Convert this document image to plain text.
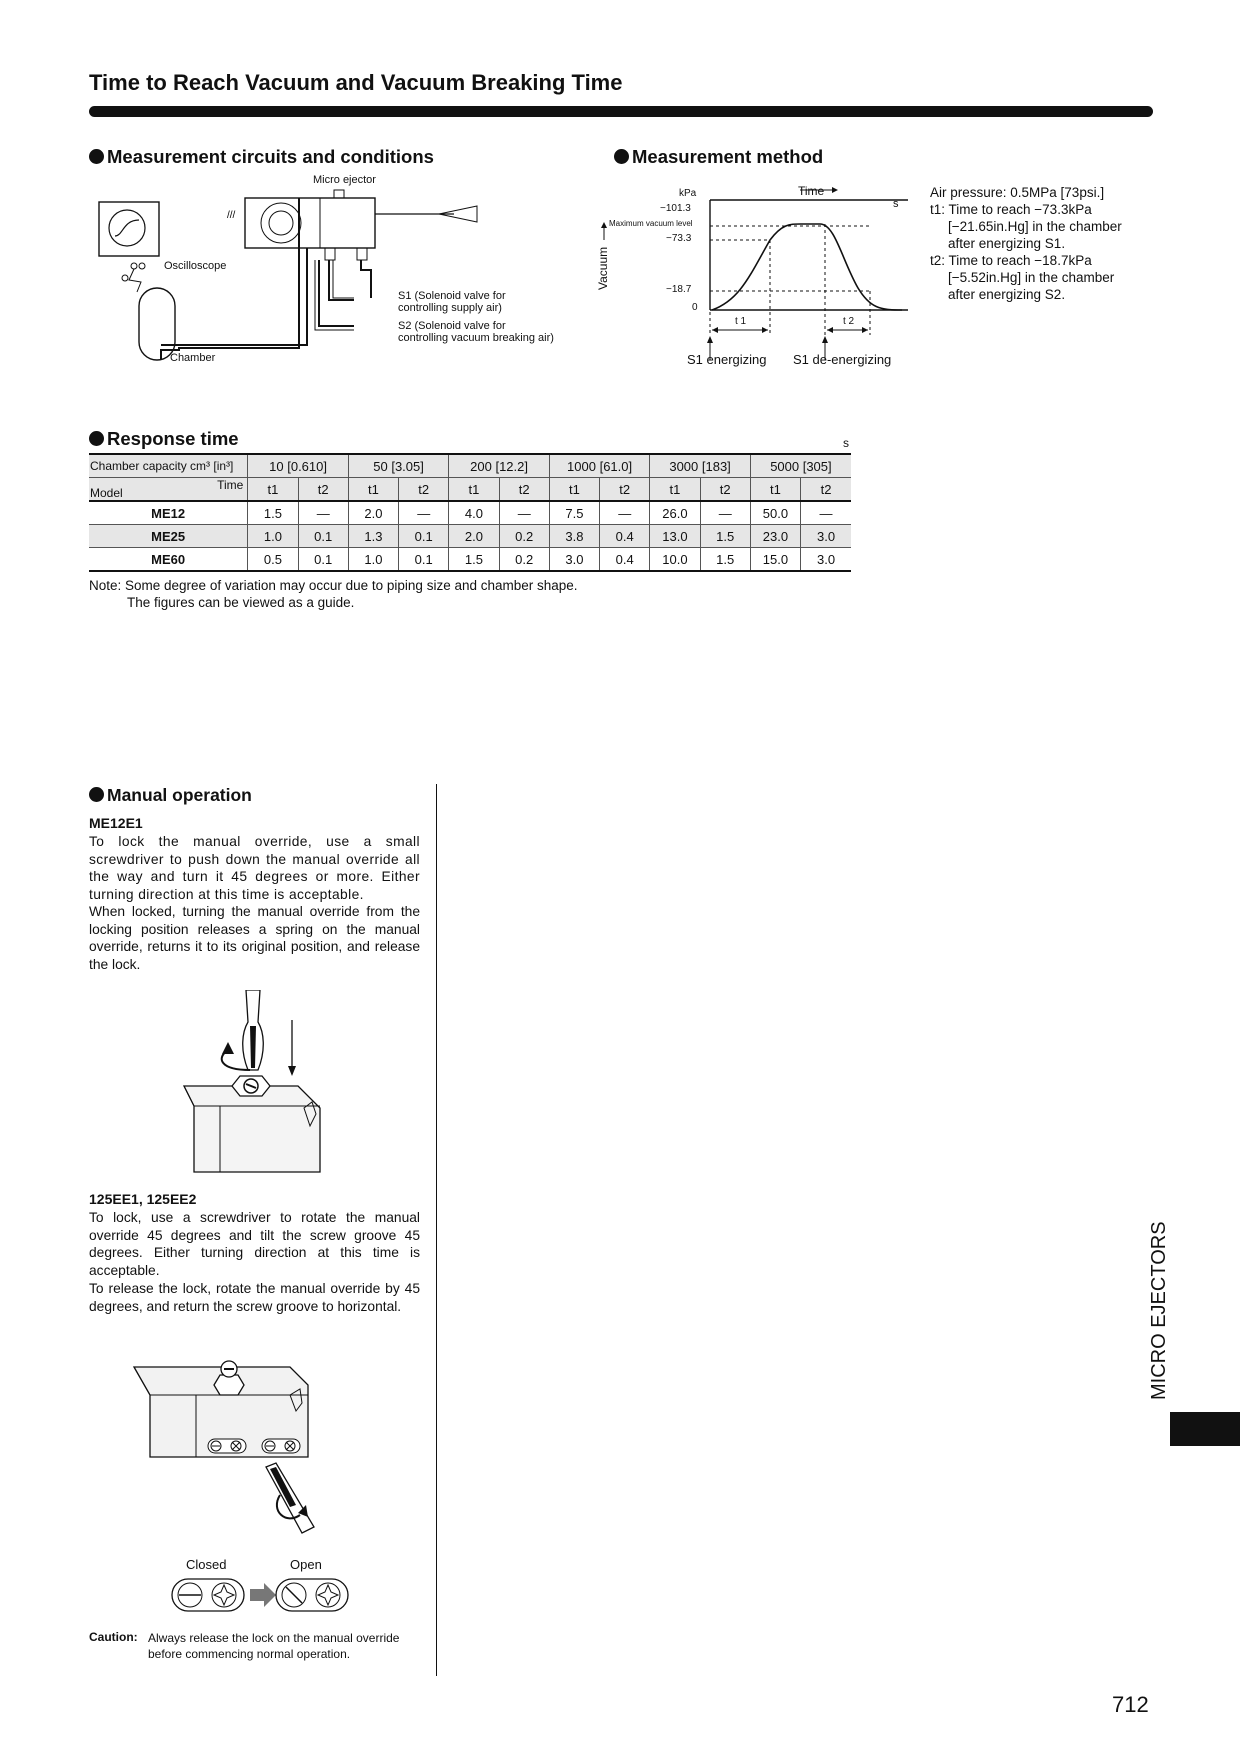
Time to Reach Vacuum and Vacuum Breaking Time
Measurement circuits and conditions
///
Micro ejector
Oscilloscope
Chamber
S1 (Solenoid valve for
controlling supply air)
S2 (Solenoid valve for
controlling vacuum breaking air)
Measurement method
kPa
−101.3
Maximum vacuum level
−73.3
−18.7
0
Time
s
Vacuum
t 1	t 2
S1 energizing S1 de-energizing
Air pressure: 0.5MPa [73psi.]
t1: Time to reach −73.3kPa
[−21.65in.Hg] in the chamber
after energizing S1.
t2: Time to reach −18.7kPa
[−5.52in.Hg] in the chamber
after energizing S2.
Response time	s
Chamber capacity cm³ [in³]	10 [0.610]		50 [3.05]		200 [12.2]		1000 [61.0]		3000 [183]		5000 [305]	

Time
Model	t1	t2	t1	t2	t1	t2	t1	t2	t1	t2	t1	t2
ME12	1.5	—	2.0	—	4.0	—	7.5	—	26.0	—	50.0	—
ME25	1.0	0.1	1.3	0.1	2.0	0.2	3.8	0.4	13.0	1.5	23.0	3.0
ME60	0.5	0.1	1.0	0.1	1.5	0.2	3.0	0.4	10.0	1.5	15.0	3.0
Note: Some degree of variation may occur due to piping size and chamber shape.
The figures can be viewed as a guide.
Manual operation
ME12E1
To lock the manual override, use a small screwdriver to push down the manual override all the way and turn it 45 degrees or more. Either turning direction at this time is acceptable.
When locked, turning the manual override from the locking position releases a spring on the manual override, returns it to its original position, and release the lock.
125EE1, 125EE2
To lock, use a screwdriver to rotate the manual override 45 degrees and tilt the screw groove 45 degrees. Either turning direction at this time is acceptable.
To release the lock, rotate the manual override by 45 degrees, and return the screw groove to horizontal.
Closed	Open
Caution: Always release the lock on the manual override
before commencing normal operation.
MICRO EJECTORS
712
